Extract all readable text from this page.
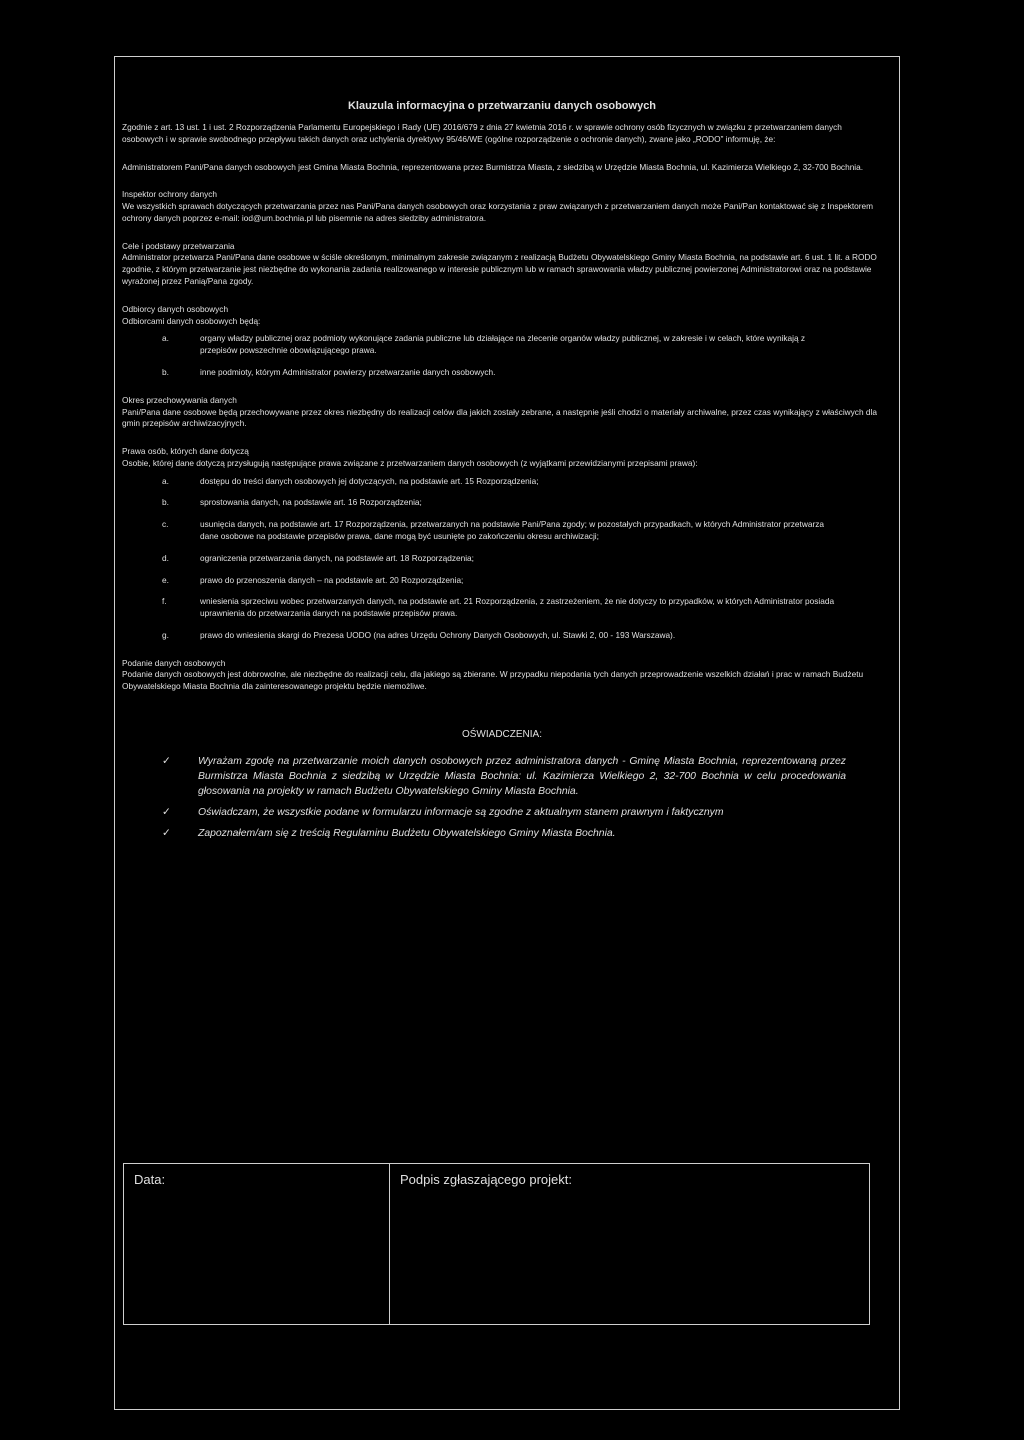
Klauzula informacyjna o przetwarzaniu danych osobowych

Zgodnie z art. 13 ust. 1 i ust. 2 Rozporządzenia Parlamentu Europejskiego i Rady (UE) 2016/679 z dnia 27 kwietnia 2016 r. w sprawie ochrony osób fizycznych w związku z przetwarzaniem danych osobowych i w sprawie swobodnego przepływu takich danych oraz uchylenia dyrektywy 95/46/WE (ogólne rozporządzenie o ochronie danych), zwane jako „RODO” informuję, że:

Administratorem Pani/Pana danych osobowych jest Gmina Miasta Bochnia, reprezentowana przez Burmistrza Miasta, z siedzibą w Urzędzie Miasta Bochnia, ul. Kazimierza Wielkiego 2, 32-700 Bochnia.

Inspektor ochrony danych
We wszystkich sprawach dotyczących przetwarzania przez nas Pani/Pana danych osobowych oraz korzystania z praw związanych z przetwarzaniem danych może Pani/Pan kontaktować się z Inspektorem ochrony danych poprzez e-mail: iod@um.bochnia.pl lub pisemnie na adres siedziby administratora.
Cele i podstawy przetwarzania
Administrator przetwarza Pani/Pana dane osobowe w ściśle określonym, minimalnym zakresie związanym z realizacją Budżetu Obywatelskiego Gminy Miasta Bochnia, na podstawie art. 6 ust. 1 lit. a RODO zgodnie, z którym przetwarzanie jest niezbędne do wykonania zadania realizowanego w interesie publicznym lub w ramach sprawowania władzy publicznej powierzonej Administratorowi oraz na podstawie wyrażonej przez Panią/Pana zgody.
Odbiorcy danych osobowych
Odbiorcami danych osobowych będą:
a.	organy władzy publicznej oraz podmioty wykonujące zadania publiczne lub działające na zlecenie organów władzy publicznej, w zakresie i w celach, które wynikają z przepisów powszechnie obowiązującego prawa.
b.	inne podmioty, którym Administrator powierzy przetwarzanie danych osobowych.
Okres przechowywania danych
Pani/Pana dane osobowe będą przechowywane przez okres niezbędny do realizacji celów dla jakich zostały zebrane, a następnie jeśli chodzi o materiały archiwalne, przez czas wynikający z właściwych dla gmin przepisów archiwizacyjnych.
Prawa osób, których dane dotyczą
Osobie, której dane dotyczą przysługują następujące prawa związane z przetwarzaniem danych osobowych (z wyjątkami przewidzianymi przepisami prawa):
a.	dostępu do treści danych osobowych jej dotyczących, na podstawie art. 15 Rozporządzenia;
b.	sprostowania danych, na podstawie art. 16 Rozporządzenia;
c.	usunięcia danych, na podstawie art. 17 Rozporządzenia, przetwarzanych na podstawie Pani/Pana zgody; w pozostałych przypadkach, w których Administrator przetwarza dane osobowe na podstawie przepisów prawa, dane mogą być usunięte po zakończeniu okresu archiwizacji;
d.	ograniczenia przetwarzania danych, na podstawie art. 18 Rozporządzenia;
e.	prawo do przenoszenia danych – na podstawie art. 20 Rozporządzenia;
f.	wniesienia sprzeciwu wobec przetwarzanych danych, na podstawie art. 21 Rozporządzenia, z zastrzeżeniem, że nie dotyczy to przypadków, w których Administrator posiada uprawnienia do przetwarzania danych na podstawie przepisów prawa.
g.	prawo do wniesienia skargi do Prezesa UODO (na adres Urzędu Ochrony Danych Osobowych, ul. Stawki 2, 00 - 193 Warszawa).
Podanie danych osobowych
Podanie danych osobowych jest dobrowolne, ale niezbędne do realizacji celu, dla jakiego są zbierane. W przypadku niepodania tych danych przeprowadzenie wszelkich działań i prac w ramach Budżetu Obywatelskiego Miasta Bochnia dla zainteresowanego projektu będzie niemożliwe.
OŚWIADCZENIA:
✓	Wyrażam zgodę na przetwarzanie moich danych osobowych przez administratora danych - Gminę Miasta Bochnia, reprezentowaną przez Burmistrza Miasta Bochnia z siedzibą w Urzędzie Miasta Bochnia: ul. Kazimierza Wielkiego 2, 32-700 Bochnia w celu procedowania głosowania na projekty w ramach Budżetu Obywatelskiego Gminy Miasta Bochnia.
✓	Oświadczam, że wszystkie podane w formularzu informacje są zgodne z aktualnym stanem prawnym i faktycznym
✓	Zapoznałem/am się z treścią Regulaminu Budżetu Obywatelskiego Gminy Miasta Bochnia.
Data:	Podpis zgłaszającego projekt:
